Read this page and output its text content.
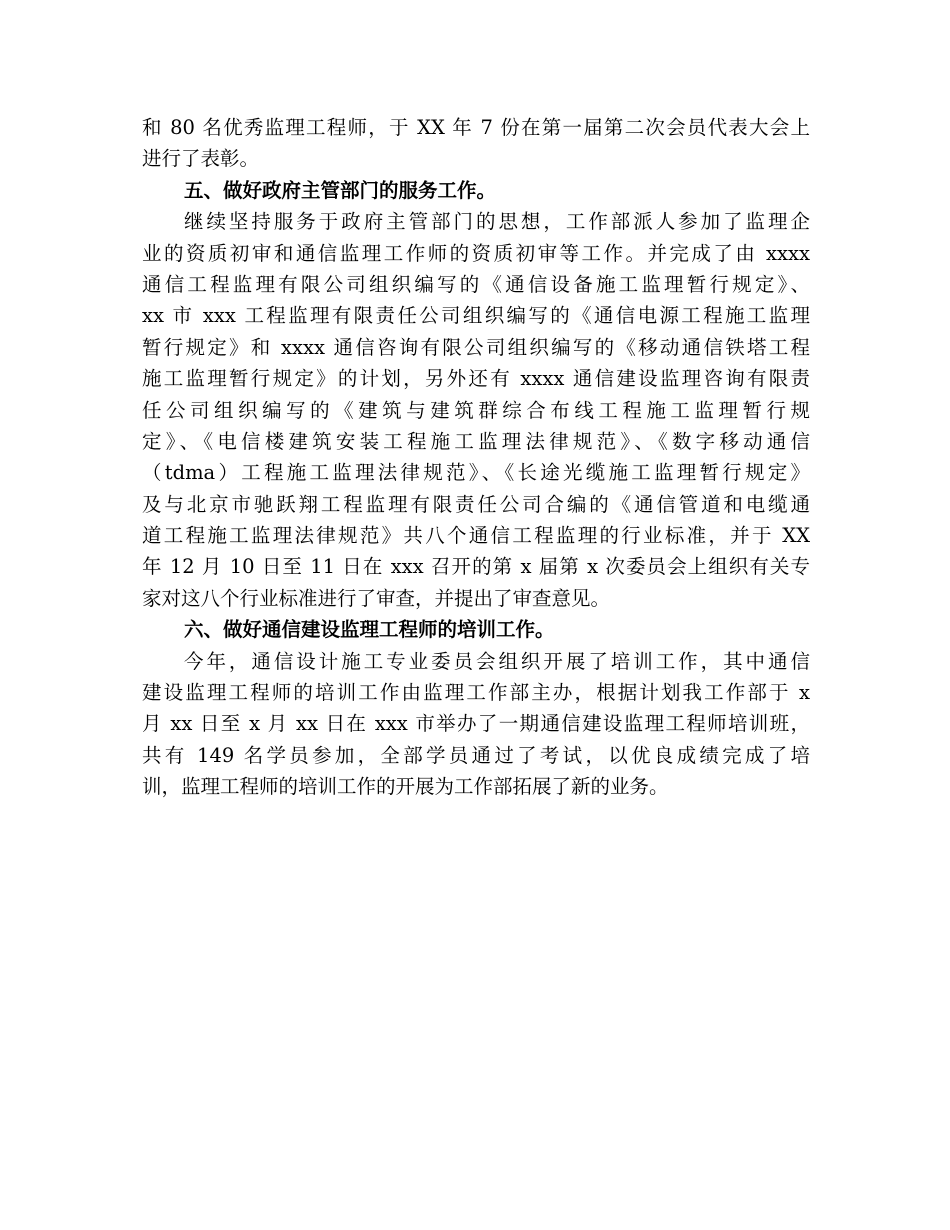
和 80 名优秀监理工程师，于 XX 年 7 份在第一届第二次会员代表大会上
进行了表彰。
五、做好政府主管部门的服务工作。
继续坚持服务于政府主管部门的思想，工作部派人参加了监理企
业的资质初审和通信监理工作师的资质初审等工作。并完成了由 xxxx
通信工程监理有限公司组织编写的《通信设备施工监理暂行规定》、
xx 市 xxx 工程监理有限责任公司组织编写的《通信电源工程施工监理
暂行规定》和 xxxx 通信咨询有限公司组织编写的《移动通信铁塔工程
施工监理暂行规定》的计划，另外还有 xxxx 通信建设监理咨询有限责
任公司组织编写的《建筑与建筑群综合布线工程施工监理暂行规
定》、《电信楼建筑安装工程施工监理法律规范》、《数字移动通信
（tdma）工程施工监理法律规范》、《长途光缆施工监理暂行规定》
及与北京市驰跃翔工程监理有限责任公司合编的《通信管道和电缆通
道工程施工监理法律规范》共八个通信工程监理的行业标准，并于 XX
年 12 月 10 日至 11 日在 xxx 召开的第 x 届第 x 次委员会上组织有关专
家对这八个行业标准进行了审查，并提出了审查意见。
六、做好通信建设监理工程师的培训工作。
今年，通信设计施工专业委员会组织开展了培训工作，其中通信
建设监理工程师的培训工作由监理工作部主办，根据计划我工作部于 x
月 xx 日至 x 月 xx 日在 xxx 市举办了一期通信建设监理工程师培训班，
共有 149 名学员参加，全部学员通过了考试，以优良成绩完成了培
训，监理工程师的培训工作的开展为工作部拓展了新的业务。
